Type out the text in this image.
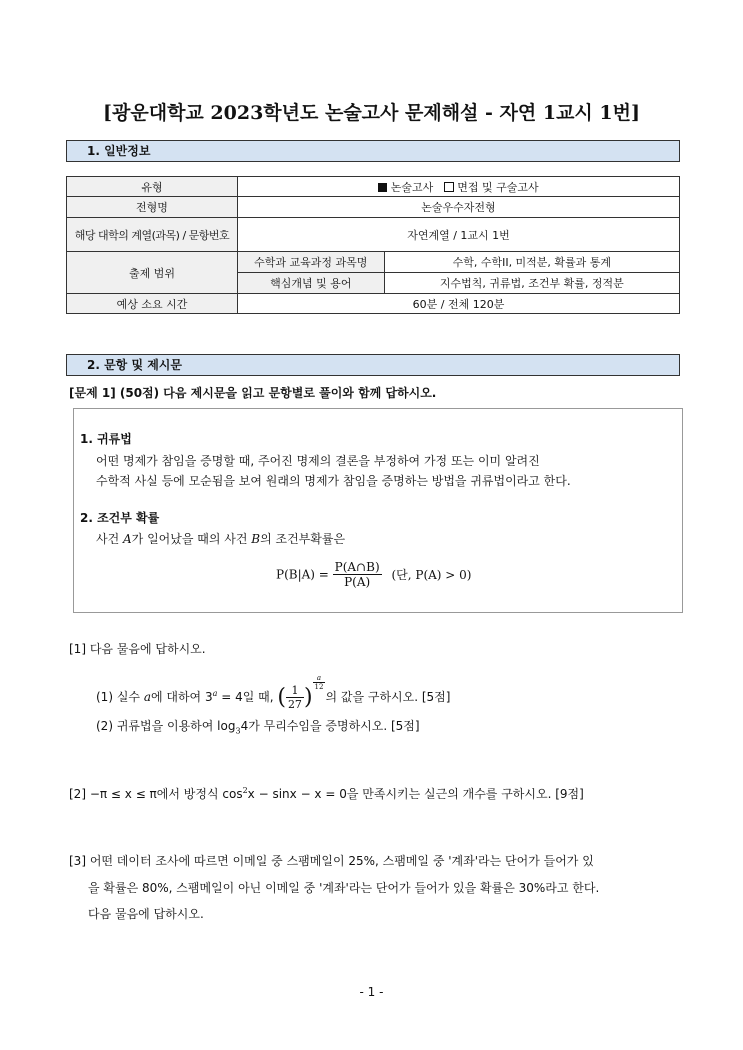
[광운대학교 2023학년도 논술고사 문제해설 - 자연 1교시 1번]
1. 일반정보
유형	논술고사 면접 및 구술고사	
전형명	논술우수자전형	
해당 대학의 계열(과목) / 문항번호	자연계열 / 1교시 1번	
출제 범위	수학과 교육과정 과목명	수학, 수학II, 미적분, 확률과 통계
	핵심개념 및 용어	지수법칙, 귀류법, 조건부 확률, 정적분
예상 소요 시간	60분 / 전체 120분	
2. 문항 및 제시문
[문제 1] (50점) 다음 제시문을 읽고 문항별로 풀이와 함께 답하시오.
1. 귀류법
어떤 명제가 참임을 증명할 때, 주어진 명제의 결론을 부정하여 가정 또는 이미 알려진
수학적 사실 등에 모순됨을 보여 원래의 명제가 참임을 증명하는 방법을 귀류법이라고 한다.
2. 조건부 확률
사건 A가 일어났을 때의 사건 B의 조건부확률은
$P(B|A) = \frac{P(A\cap B)}{P(A)}$ (단, P(A) > 0)
[1] 다음 물음에 답하시오.
(1) 실수 a에 대하여 $3^a = 4$일 때, ( $\frac{1}{27}$ )
$\frac{a}{12}$
의 값을 구하시오. [5점]
(2) 귀류법을 이용하여 $\log_34$가 무리수임을 증명하시오. [5점]
[2] −π ≤ x ≤ π에서 방정식 $\cos^2x - \sin x - x = 0$을 만족시키는 실근의 개수를 구하시오. [9점]
[3] 어떤 데이터 조사에 따르면 이메일 중 스팸메일이 25%, 스팸메일 중 '계좌'라는 단어가 들어가 있
을 확률은 80%, 스팸메일이 아닌 이메일 중 '계좌'라는 단어가 들어가 있을 확률은 30%라고 한다.
다음 물음에 답하시오.
- 1 -
